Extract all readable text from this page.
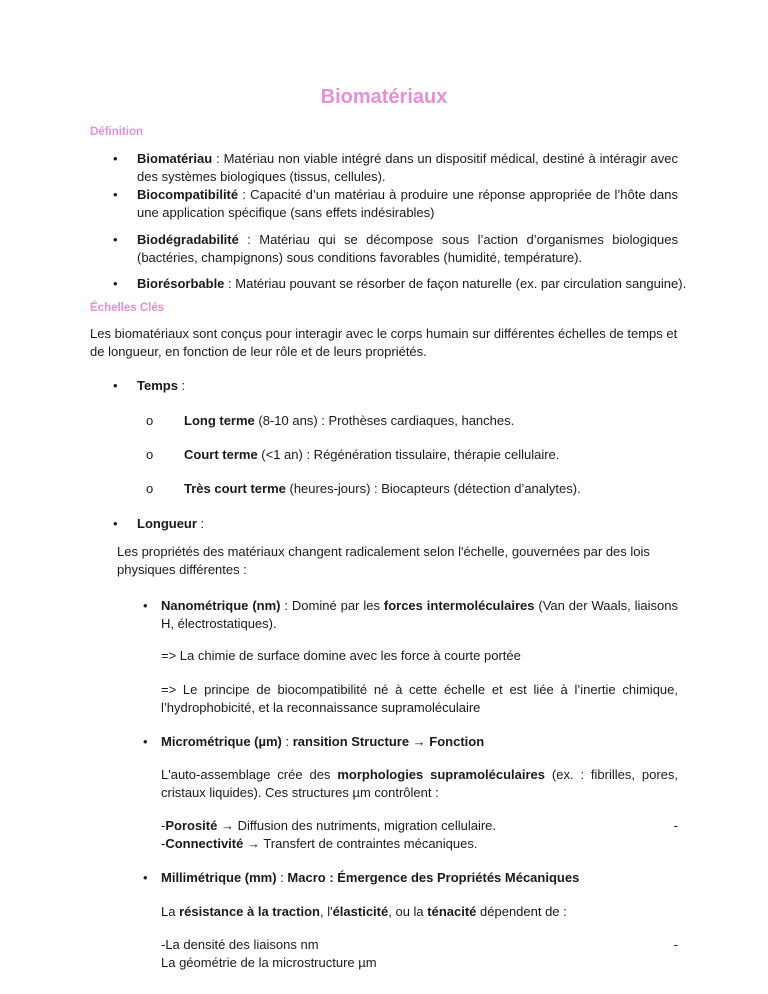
Biomatériaux
Définition
• Biomatériau : Matériau non viable intégré dans un dispositif médical, destiné à intéragir avec des systèmes biologiques (tissus, cellules).
• Biocompatibilité : Capacité d’un matériau à produire une réponse appropriée de l’hôte dans une application spécifique (sans effets indésirables)
• Biodégradabilité : Matériau qui se décompose sous l’action d’organismes biologiques (bactéries, champignons) sous conditions favorables (humidité, température).
• Biorésorbable : Matériau pouvant se résorber de façon naturelle (ex. par circulation sanguine).
Échelles Clés
Les biomatériaux sont conçus pour interagir avec le corps humain sur différentes échelles de temps et de longueur, en fonction de leur rôle et de leurs propriétés.
• Temps :
o Long terme (8-10 ans) : Prothèses cardiaques, hanches.
o Court terme (<1 an) : Régénération tissulaire, thérapie cellulaire.
o Très court terme (heures-jours) : Biocapteurs (détection d’analytes).
• Longueur :
Les propriétés des matériaux changent radicalement selon l'échelle, gouvernées par des lois physiques différentes :
• Nanométrique (nm) : Dominé par les forces intermoléculaires (Van der Waals, liaisons H, électrostatiques).
=> La chimie de surface domine avec les force à courte portée
=> Le principe de biocompatibilité né à cette échelle et est liée à l’inertie chimique, l’hydrophobicité, et la reconnaissance supramoléculaire
• Micrométrique (µm) : ransition Structure → Fonction
L'auto-assemblage crée des morphologies supramoléculaires (ex. : fibrilles, pores, cristaux liquides). Ces structures µm contrôlent :
-Porosité → Diffusion des nutriments, migration cellulaire.
-Connectivité → Transfert de contraintes mécaniques.
-
• Millimétrique (mm) : Macro : Émergence des Propriétés Mécaniques
La résistance à la traction, l'élasticité, ou la ténacité dépendent de :
-La densité des liaisons nm
La géométrie de la microstructure µm
-
